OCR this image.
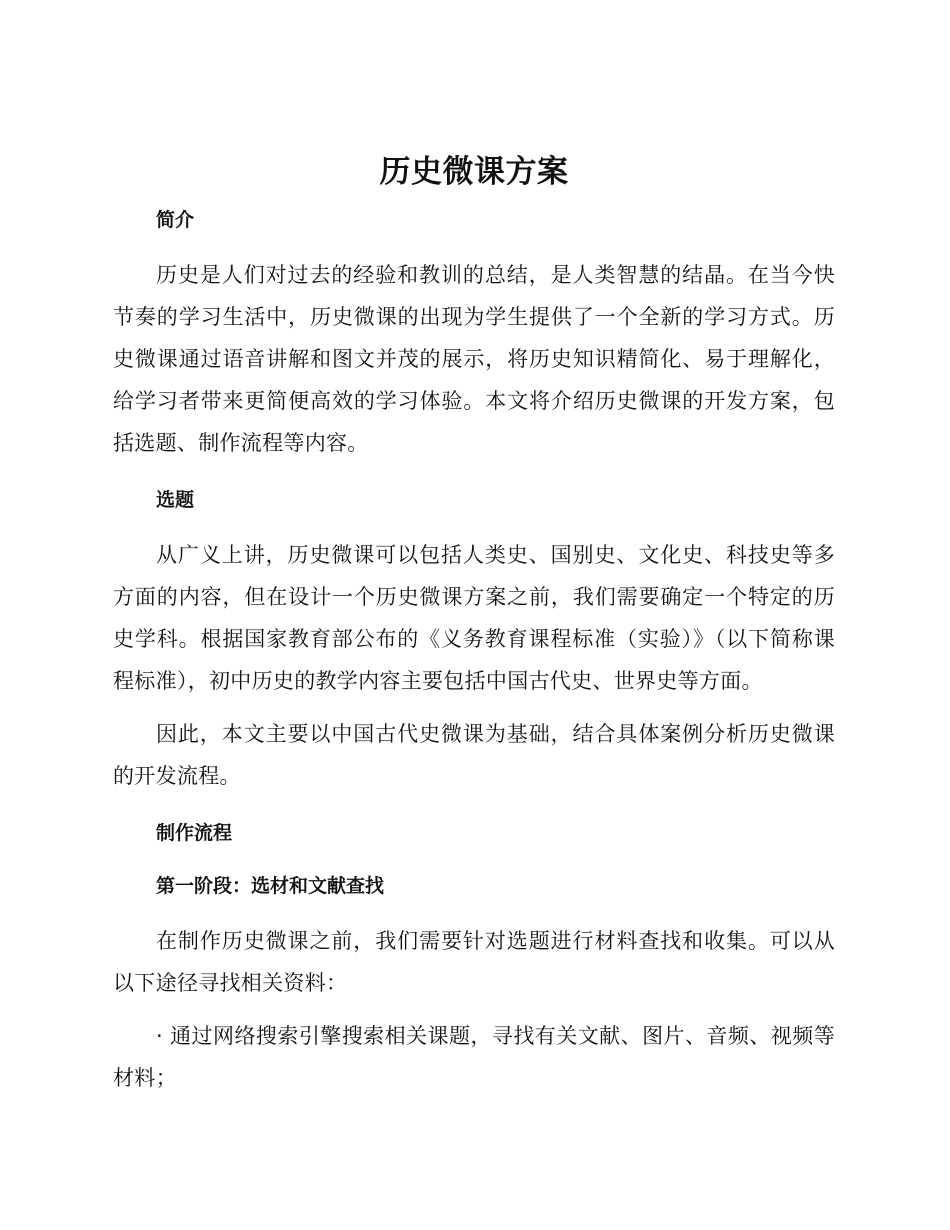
历史微课方案
简介

历史是人们对过去的经验和教训的总结，是人类智慧的结晶。在当今快节奏的学习生活中，历史微课的出现为学生提供了一个全新的学习方式。历史微课通过语音讲解和图文并茂的展示，将历史知识精简化、易于理解化，给学习者带来更简便高效的学习体验。本文将介绍历史微课的开发方案，包括选题、制作流程等内容。

选题

从广义上讲，历史微课可以包括人类史、国别史、文化史、科技史等多方面的内容，但在设计一个历史微课方案之前，我们需要确定一个特定的历史学科。根据国家教育部公布的《义务教育课程标准（实验）》（以下简称课程标准），初中历史的教学内容主要包括中国古代史、世界史等方面。

因此，本文主要以中国古代史微课为基础，结合具体案例分析历史微课的开发流程。

制作流程
第一阶段：选材和文献查找

在制作历史微课之前，我们需要针对选题进行材料查找和收集。可以从以下途径寻找相关资料：

· 通过网络搜索引擎搜索相关课题，寻找有关文献、图片、音频、视频等材料；
